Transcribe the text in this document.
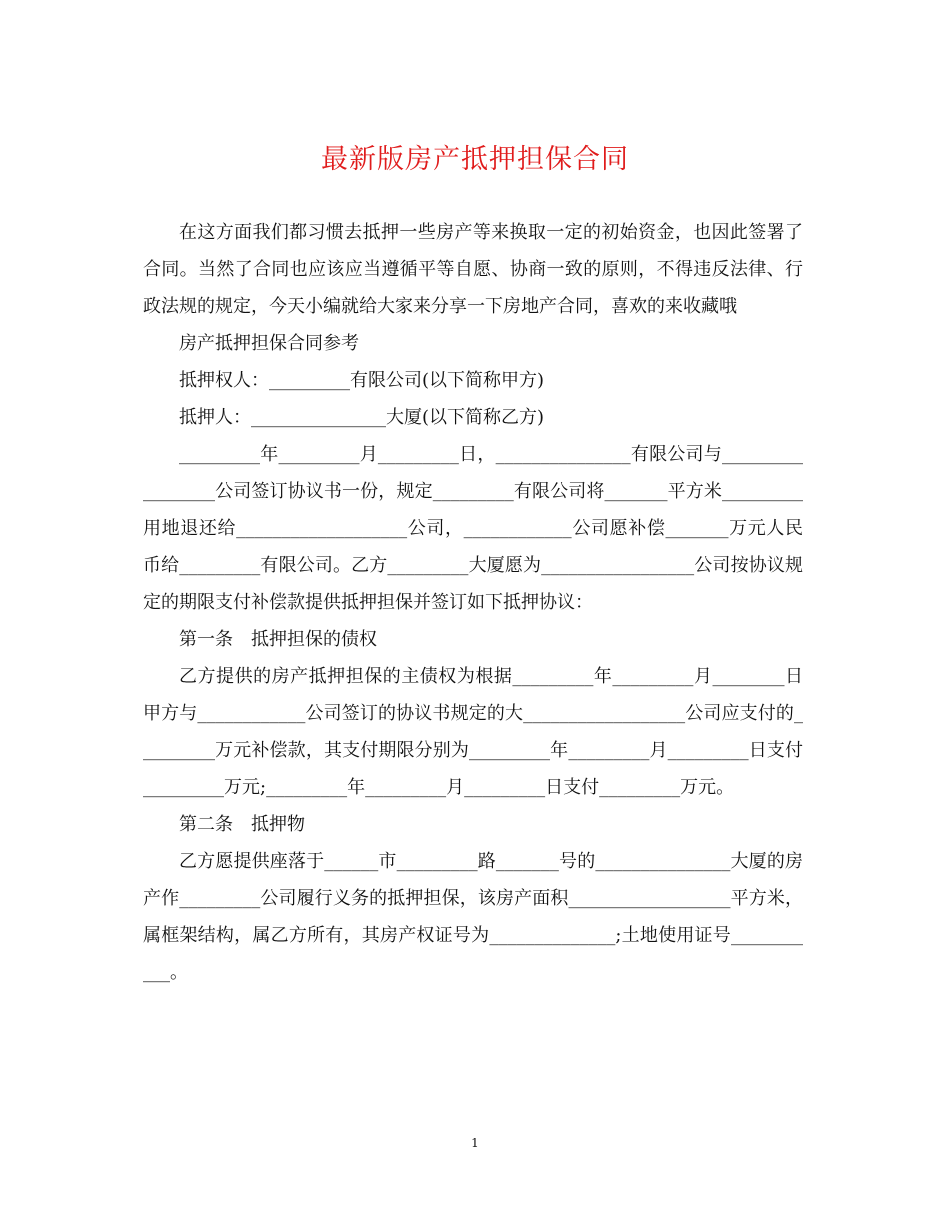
最新版房产抵押担保合同

在这方面我们都习惯去抵押一些房产等来换取一定的初始资金，也因此签署了合同。当然了合同也应该应当遵循平等自愿、协商一致的原则，不得违反法律、行政法规的规定，今天小编就给大家来分享一下房地产合同，喜欢的来收藏哦

房产抵押担保合同参考

抵押权人：_________有限公司(以下简称甲方)

抵押人：_______________大厦(以下简称乙方)

_________年_________月_________日，_______________有限公司与_________________公司签订协议书一份，规定_________有限公司将_______平方米_________用地退还给___________________公司，____________公司愿补偿_______万元人民币给_________有限公司。乙方_________大厦愿为_________________公司按协议规定的期限支付补偿款提供抵押担保并签订如下抵押协议：

第一条　抵押担保的债权

乙方提供的房产抵押担保的主债权为根据_________年_________月________日甲方与____________公司签订的协议书规定的大__________________公司应支付的_________万元补偿款，其支付期限分别为_________年_________月_________日支付_________万元;_________年_________月_________日支付_________万元。

第二条　抵押物

乙方愿提供座落于______市_________路_______号的_______________大厦的房产作_________公司履行义务的抵押担保，该房产面积__________________平方米，属框架结构，属乙方所有，其房产权证号为______________;土地使用证号___________。

1
